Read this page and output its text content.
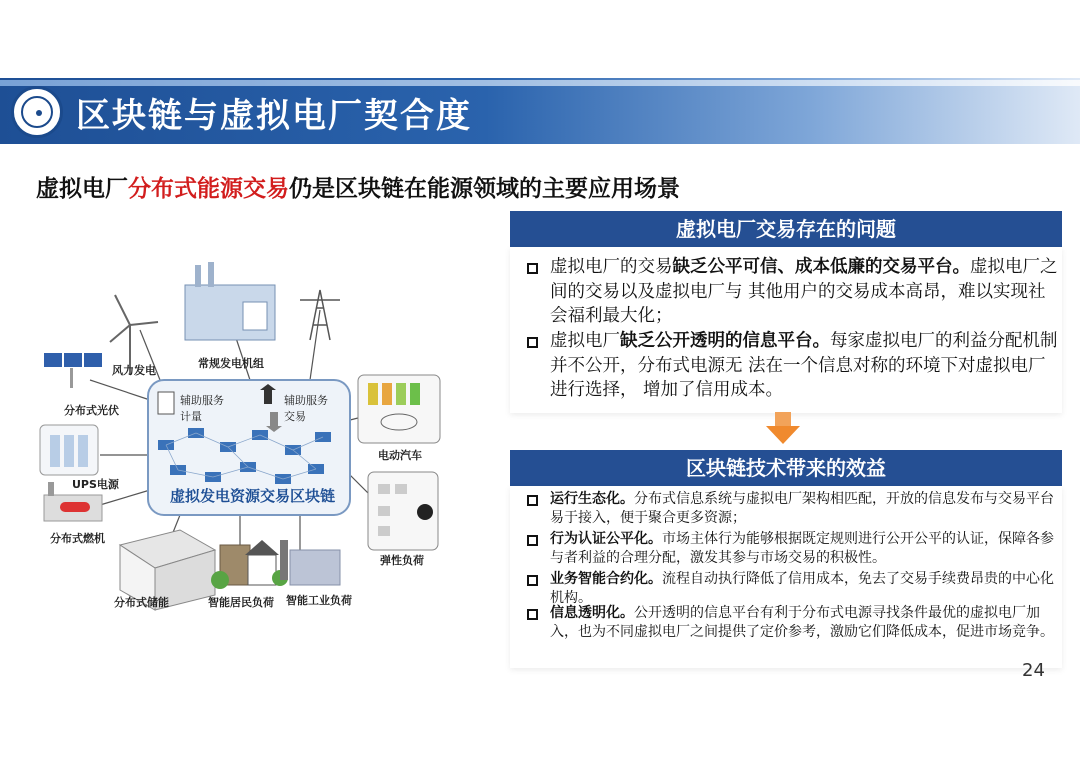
区块链与虚拟电厂契合度
虚拟电厂分布式能源交易仍是区块链在能源领域的主要应用场景
风力发电
常规发电机组
分布式光伏
电动汽车
UPS电源
分布式燃机
弹性负荷
分布式储能	智能居民负荷 智能工业负荷
辅助服务计量
辅助服务交易
虚拟发电资源交易区块链
虚拟电厂交易存在的问题
虚拟电厂的交易缺乏公平可信、成本低廉的交易平台。虚拟电厂之间的交易以及虚拟电厂与 其他用户的交易成本高昂，难以实现社会福利最大化；
虚拟电厂缺乏公开透明的信息平台。每家虚拟电厂的利益分配机制并不公开，分布式电源无 法在一个信息对称的环境下对虚拟电厂进行选择， 增加了信用成本。
区块链技术带来的效益
运行生态化。分布式信息系统与虚拟电厂架构相匹配，开放的信息发布与交易平台易于接入，便于聚合更多资源；
行为认证公平化。市场主体行为能够根据既定规则进行公开公平的认证，保障各参与者利益的合理分配，激发其参与市场交易的积极性。
业务智能合约化。流程自动执行降低了信用成本，免去了交易手续费昂贵的中心化机构。
信息透明化。公开透明的信息平台有利于分布式电源寻找条件最优的虚拟电厂加入，也为不同虚拟电厂之间提供了定价参考，激励它们降低成本，促进市场竞争。
24
